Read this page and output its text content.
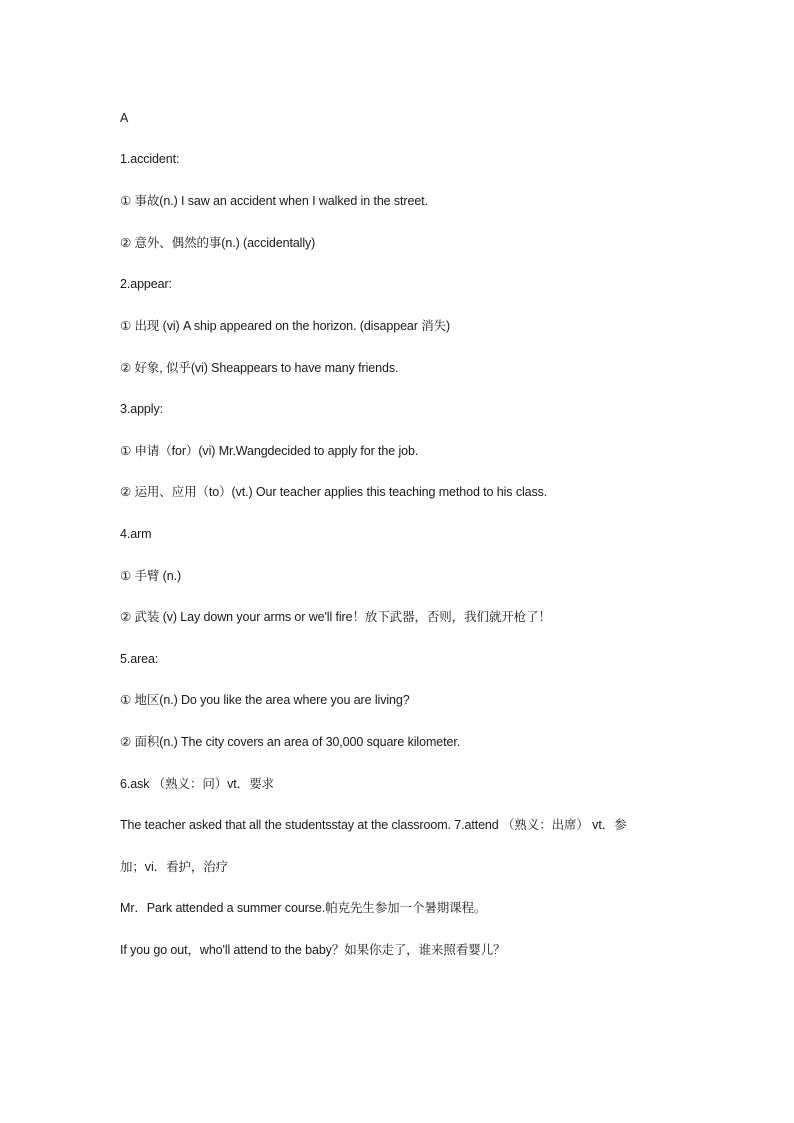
A
1.accident:
① 事故(n.) I saw an accident when I walked in the street.
② 意外、偶然的事(n.) (accidentally)
2.appear:
① 出现 (vi) A ship appeared on the horizon. (disappear 消失)
② 好象, 似乎(vi) Sheappears to have many friends.
3.apply:
① 申请（for）(vi) Mr.Wangdecided to apply for the job.
② 运用、应用（to）(vt.) Our teacher applies this teaching method to his class.
4.arm
① 手臂 (n.)
② 武装 (v) Lay down your arms or we'll fire！放下武器，否则，我们就开枪了！
5.area:
① 地区(n.) Do you like the area where you are living?
② 面积(n.) The city covers an area of 30,000 square kilometer.
6.ask （熟义：问）vt．要求
The teacher asked that all the studentsstay at the classroom. 7.attend （熟义：出席） vt．参
加；vi．看护，治疗
Mr．Park attended a summer course.帕克先生参加一个暑期课程。
If you go out，who'll attend to the baby？如果你走了，谁来照看婴儿？
